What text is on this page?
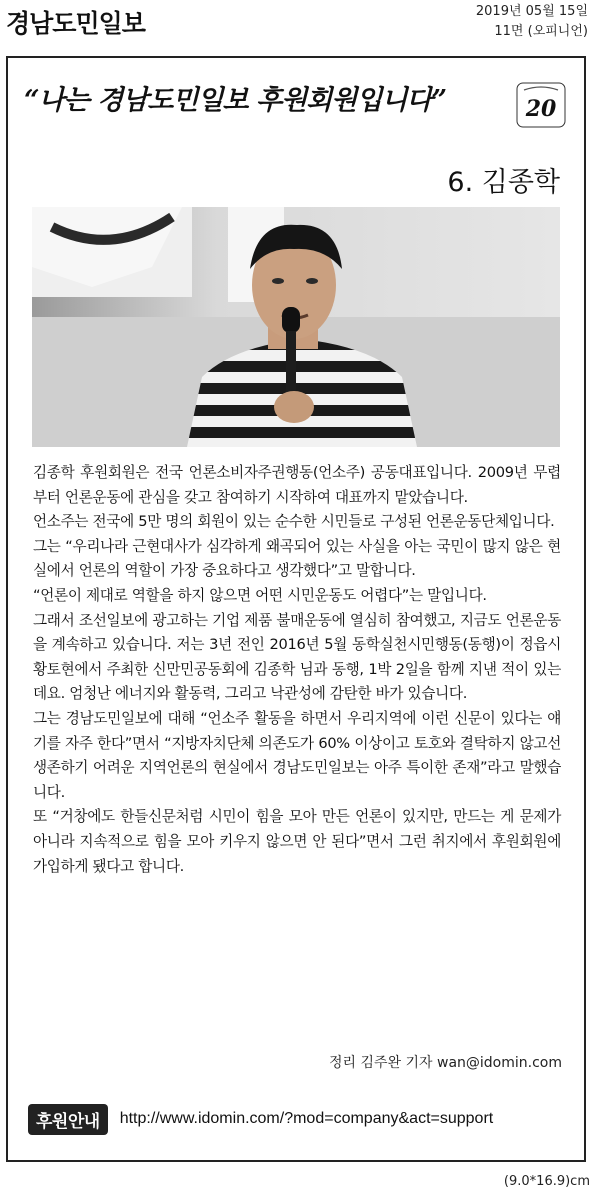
경남도민일보	2019년 05월 15일
11면 (오피니언)
“나는 경남도민일보 후원회원입니다”	20
6. 김종학

김종학 후원회원은 전국 언론소비자주권행동(언소주) 공동대표입니다. 2009년 무렵부터 언론운동에 관심을 갖고 참여하기 시작하여 대표까지 맡았습니다.

언소주는 전국에 5만 명의 회원이 있는 순수한 시민들로 구성된 언론운동단체입니다.

그는 “우리나라 근현대사가 심각하게 왜곡되어 있는 사실을 아는 국민이 많지 않은 현실에서 언론의 역할이 가장 중요하다고 생각했다”고 말합니다.

“언론이 제대로 역할을 하지 않으면 어떤 시민운동도 어렵다”는 말입니다.

그래서 조선일보에 광고하는 기업 제품 불매운동에 열심히 참여했고, 지금도 언론운동을 계속하고 있습니다. 저는 3년 전인 2016년 5월 동학실천시민행동(동행)이 정읍시 황토현에서 주최한 신만민공동회에 김종학 님과 동행, 1박 2일을 함께 지낸 적이 있는데요. 엄청난 에너지와 활동력, 그리고 낙관성에 감탄한 바가 있습니다.

그는 경남도민일보에 대해 “언소주 활동을 하면서 우리지역에 이런 신문이 있다는 얘기를 자주 한다”면서 “지방자치단체 의존도가 60% 이상이고 토호와 결탁하지 않고선 생존하기 어려운 지역언론의 현실에서 경남도민일보는 아주 특이한 존재”라고 말했습니다.

또 “거창에도 한들신문처럼 시민이 힘을 모아 만든 언론이 있지만, 만드는 게 문제가 아니라 지속적으로 힘을 모아 키우지 않으면 안 된다”면서 그런 취지에서 후원회원에 가입하게 됐다고 합니다.

정리 김주완 기자 wan@idomin.com
후원안내	http://www.idomin.com/?mod=company&act=support
(9.0*16.9)cm
